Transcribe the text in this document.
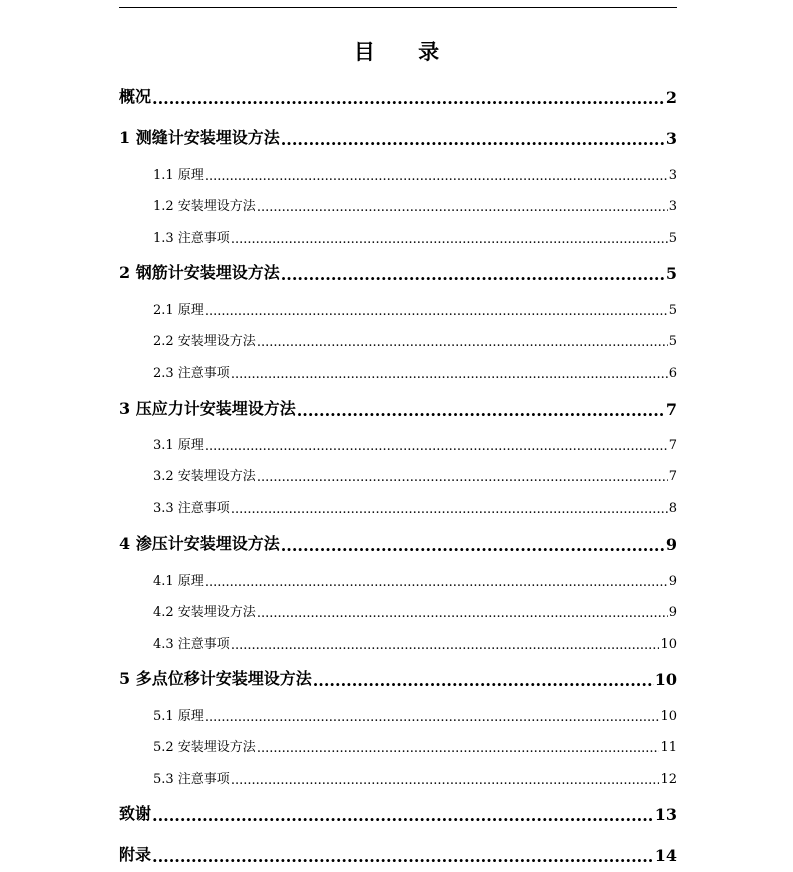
目 录
概况 .....	2
1 测缝计安装埋设方法 .....	3
1.1 原理 .....	3
1.2 安装埋设方法 .....	3
1.3 注意事项 .....	5
2 钢筋计安装埋设方法 .....	5
2.1 原理 .....	5
2.2 安装埋设方法 .....	5
2.3 注意事项 .....	6
3 压应力计安装埋设方法 .....	7
3.1 原理 .....	7
3.2 安装埋设方法 .....	7
3.3 注意事项 .....	8
4 渗压计安装埋设方法 .....	9
4.1 原理 .....	9
4.2 安装埋设方法 .....	9
4.3 注意事项 .....	10
5 多点位移计安装埋设方法 .....	10
5.1 原理 .....	10
5.2 安装埋设方法 .....	11
5.3 注意事项 .....	12
致谢 .....	13
附录 .....	14
